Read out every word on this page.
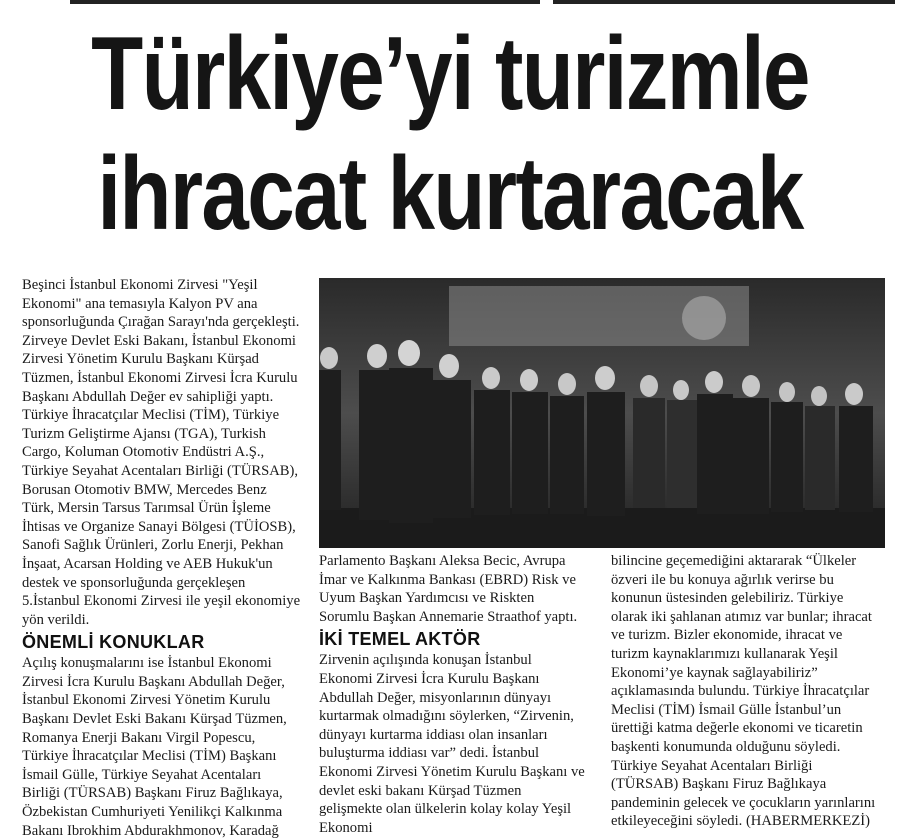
Türkiye’yi turizmle
ihracat kurtaracak

Beşinci İstanbul Ekonomi Zirvesi "Yeşil Ekonomi" ana temasıyla Kalyon PV ana sponsorluğunda Çırağan Sarayı'nda gerçekleşti. Zirveye Devlet Eski Bakanı, İstanbul Ekonomi Zirvesi Yönetim Kurulu Başkanı Kürşad Tüzmen, İstanbul Ekonomi Zirvesi İcra Kurulu Başkanı Abdullah Değer ev sahipliği yaptı. Türkiye İhracatçılar Meclisi (TİM), Türkiye Turizm Geliştirme Ajansı (TGA), Turkish Cargo, Koluman Otomotiv Endüstri A.Ş., Türkiye Seyahat Acentaları Birliği (TÜRSAB), Borusan Otomotiv BMW, Mercedes Benz Türk, Mersin Tarsus Tarımsal Ürün İşleme İhtisas ve Organize Sanayi Bölgesi (TÜİOSB), Sanofi Sağlık Ürünleri, Zorlu Enerji, Pekhan İnşaat, Acarsan Holding ve AEB Hukuk'un destek ve sponsorluğunda gerçekleşen 5.İstanbul Ekonomi Zirvesi ile yeşil ekonomiye yön verildi.

ÖNEMLİ KONUKLAR

Açılış konuşmalarını ise İstanbul Ekonomi Zirvesi İcra Kurulu Başkanı Abdullah Değer, İstanbul Ekonomi Zirvesi Yönetim Kurulu Başkanı Devlet Eski Bakanı Kürşad Tüzmen, Romanya Enerji Bakanı Virgil Popescu, Türkiye İhracatçılar Meclisi (TİM) Başkanı İsmail Gülle, Türkiye Seyahat Acentaları Birliği (TÜRSAB) Başkanı Firuz Bağlıkaya, Özbekistan Cumhuriyeti Yenilikçi Kalkınma Bakanı Ibrokhim Abdurakhmonov, Karadağ

Parlamento Başkanı Aleksa Becic, Avrupa İmar ve Kalkınma Bankası (EBRD) Risk ve Uyum Başkan Yardımcısı ve Riskten Sorumlu Başkan Annemarie Straathof yaptı.

İKİ TEMEL AKTÖR

Zirvenin açılışında konuşan İstanbul Ekonomi Zirvesi İcra Kurulu Başkanı Abdullah Değer, misyonlarının dünyayı kurtarmak olmadığını söylerken, “Zirvenin, dünyayı kurtarma iddiası olan insanları buluşturma iddiası var” dedi. İstanbul Ekonomi Zirvesi Yönetim Kurulu Başkanı ve devlet eski bakanı Kürşad Tüzmen gelişmekte olan ülkelerin kolay kolay Yeşil Ekonomi

bilincine geçemediğini aktararak “Ülkeler özveri ile bu konuya ağırlık verirse bu konunun üstesinden gelebiliriz. Türkiye olarak iki şahlanan atımız var bunlar; ihracat ve turizm. Bizler ekonomide, ihracat ve turizm kaynaklarımızı kullanarak Yeşil Ekonomi’ye kaynak sağlayabiliriz” açıklamasında bulundu. Türkiye İhracatçılar Meclisi (TİM) İsmail Gülle İstanbul’un ürettiği katma değerle ekonomi ve ticaretin başkenti konumunda olduğunu söyledi. Türkiye Seyahat Acentaları Birliği (TÜRSAB) Başkanı Firuz Bağlıkaya pandeminin gelecek ve çocukların yarınlarını etkileyeceğini söyledi. (HABERMERKEZİ)
